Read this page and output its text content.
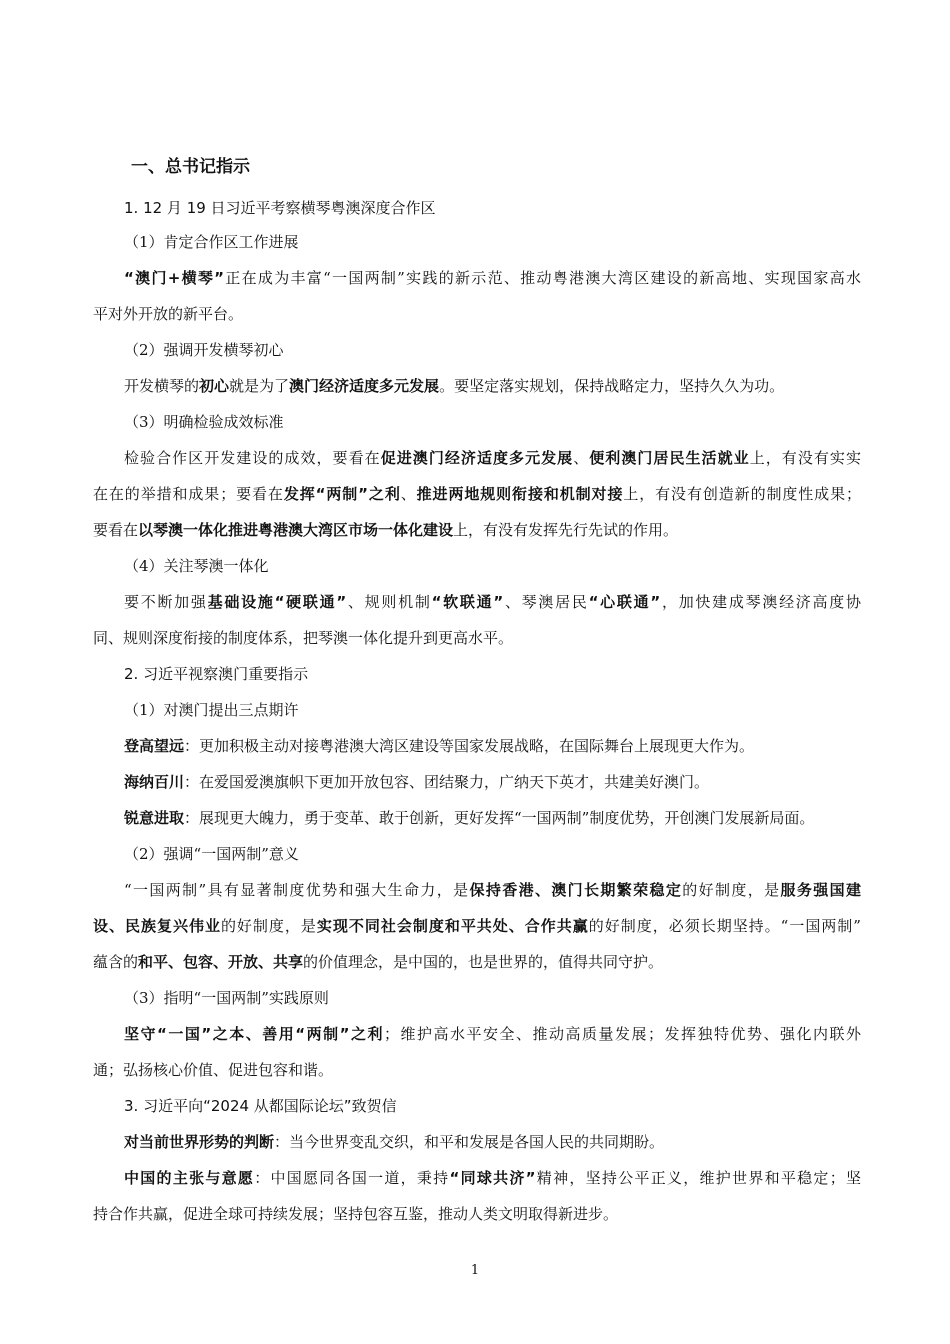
一、总书记指示
1. 12 月 19 日习近平考察横琴粤澳深度合作区
（1）肯定合作区工作进展
“澳门+横琴”正在成为丰富“一国两制”实践的新示范、推动粤港澳大湾区建设的新高地、实现国家高水
平对外开放的新平台。
（2）强调开发横琴初心
开发横琴的初心就是为了澳门经济适度多元发展。要坚定落实规划，保持战略定力，坚持久久为功。
（3）明确检验成效标准
检验合作区开发建设的成效，要看在促进澳门经济适度多元发展、便利澳门居民生活就业上，有没有实实
在在的举措和成果；要看在发挥“两制”之利、推进两地规则衔接和机制对接上，有没有创造新的制度性成果；
要看在以琴澳一体化推进粤港澳大湾区市场一体化建设上，有没有发挥先行先试的作用。
（4）关注琴澳一体化
要不断加强基础设施“硬联通”、规则机制“软联通”、琴澳居民“心联通”，加快建成琴澳经济高度协
同、规则深度衔接的制度体系，把琴澳一体化提升到更高水平。
2. 习近平视察澳门重要指示
（1）对澳门提出三点期许
登高望远：更加积极主动对接粤港澳大湾区建设等国家发展战略，在国际舞台上展现更大作为。
海纳百川：在爱国爱澳旗帜下更加开放包容、团结聚力，广纳天下英才，共建美好澳门。
锐意进取：展现更大魄力，勇于变革、敢于创新，更好发挥“一国两制”制度优势，开创澳门发展新局面。
（2）强调“一国两制”意义
“一国两制”具有显著制度优势和强大生命力，是保持香港、澳门长期繁荣稳定的好制度，是服务强国建
设、民族复兴伟业的好制度，是实现不同社会制度和平共处、合作共赢的好制度，必须长期坚持。“一国两制”
蕴含的和平、包容、开放、共享的价值理念，是中国的，也是世界的，值得共同守护。
（3）指明“一国两制”实践原则
坚守“一国”之本、善用“两制”之利；维护高水平安全、推动高质量发展；发挥独特优势、强化内联外
通；弘扬核心价值、促进包容和谐。
3. 习近平向“2024 从都国际论坛”致贺信
对当前世界形势的判断：当今世界变乱交织，和平和发展是各国人民的共同期盼。
中国的主张与意愿：中国愿同各国一道，秉持“同球共济”精神，坚持公平正义，维护世界和平稳定；坚
持合作共赢，促进全球可持续发展；坚持包容互鉴，推动人类文明取得新进步。
1
